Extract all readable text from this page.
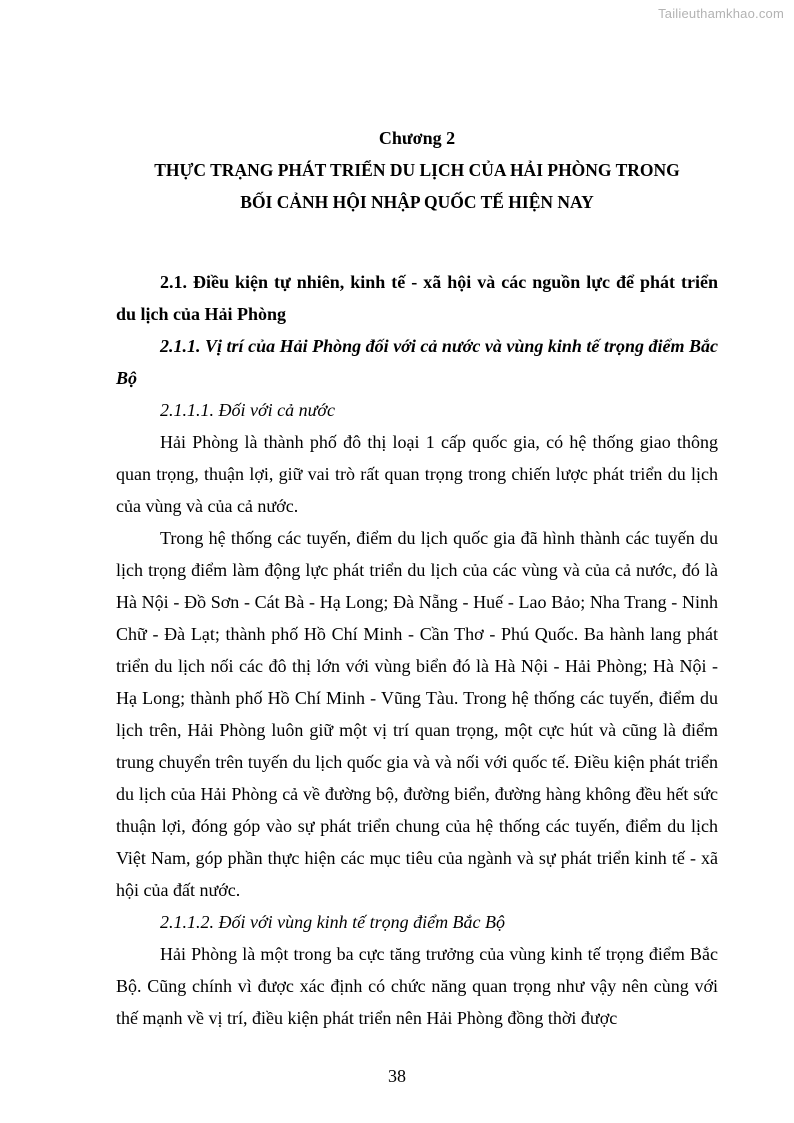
Tailieuthamkhao.com
Chương 2
THỰC TRẠNG PHÁT TRIỂN DU LỊCH CỦA HẢI PHÒNG TRONG
BỐI CẢNH HỘI NHẬP QUỐC TẾ HIỆN NAY

2.1. Điều kiện tự nhiên, kinh tế - xã hội và các nguồn lực để phát triển du lịch của Hải Phòng

2.1.1. Vị trí của Hải Phòng đối với cả nước và vùng kinh tế trọng điểm Bắc Bộ

2.1.1.1. Đối với cả nước

Hải Phòng là thành phố đô thị loại 1 cấp quốc gia, có hệ thống giao thông quan trọng, thuận lợi, giữ vai trò rất quan trọng trong chiến lược phát triển du lịch của vùng và của cả nước.

Trong hệ thống các tuyến, điểm du lịch quốc gia đã hình thành các tuyến du lịch trọng điểm làm động lực phát triển du lịch của các vùng và của cả nước, đó là Hà Nội - Đồ Sơn - Cát Bà - Hạ Long; Đà Nẵng - Huế - Lao Bảo; Nha Trang - Ninh Chữ - Đà Lạt; thành phố Hồ Chí Minh - Cần Thơ - Phú Quốc. Ba hành lang phát triển du lịch nối các đô thị lớn với vùng biển đó là Hà Nội - Hải Phòng; Hà Nội - Hạ Long; thành phố Hồ Chí Minh - Vũng Tàu. Trong hệ thống các tuyến, điểm du lịch trên, Hải Phòng luôn giữ một vị trí quan trọng, một cực hút và cũng là điểm trung chuyển trên tuyến du lịch quốc gia và và nối với quốc tế. Điều kiện phát triển du lịch của Hải Phòng cả về đường bộ, đường biển, đường hàng không đều hết sức thuận lợi, đóng góp vào sự phát triển chung của hệ thống các tuyến, điểm du lịch Việt Nam, góp phần thực hiện các mục tiêu của ngành và sự phát triển kinh tế - xã hội của đất nước.

2.1.1.2. Đối với vùng kinh tế trọng điểm Bắc Bộ

Hải Phòng là một trong ba cực tăng trưởng của vùng kinh tế trọng điểm Bắc Bộ. Cũng chính vì được xác định có chức năng quan trọng như vậy nên cùng với thế mạnh về vị trí, điều kiện phát triển nên Hải Phòng đồng thời được

38
